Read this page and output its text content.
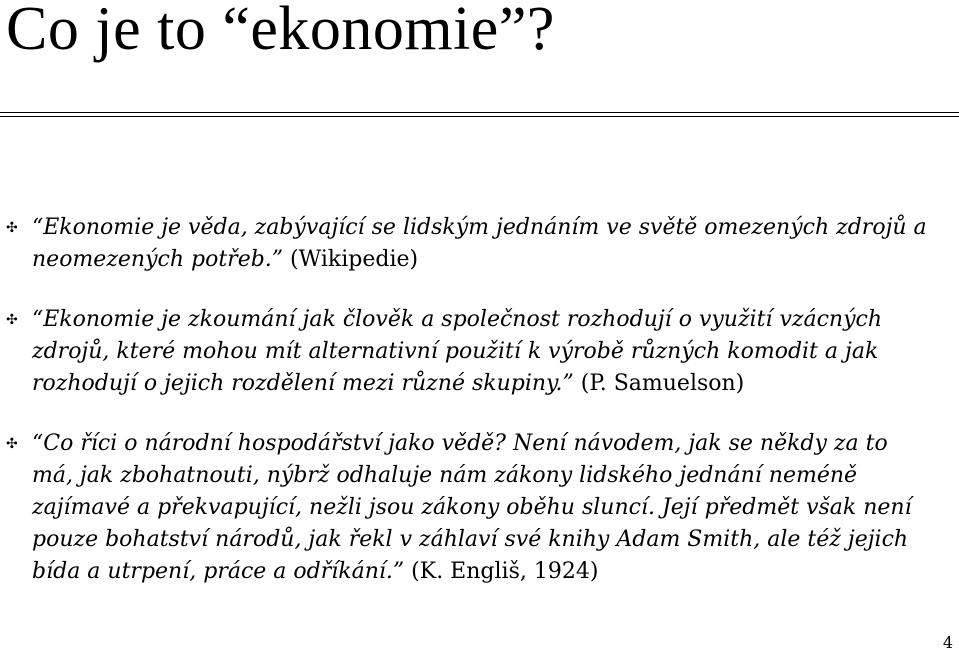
Co je to “ekonomie”?
✣ “Ekonomie je věda, zabývající se lidským jednáním ve světě omezených zdrojů a neomezených potřeb.” (Wikipedie)
✣ “Ekonomie je zkoumání jak člověk a společnost rozhodují o využití vzácných zdrojů, které mohou mít alternativní použití k výrobě různých komodit a jak rozhodují o jejich rozdělení mezi různé skupiny.” (P. Samuelson)
✣ “Co říci o národní hospodářství jako vědě? Není návodem, jak se někdy za to má, jak zbohatnouti, nýbrž odhaluje nám zákony lidského jednání neméně zajímavé a překvapující, nežli jsou zákony oběhu sluncí. Její předmět však není pouze bohatství národů, jak řekl v záhlaví své knihy Adam Smith, ale též jejich bída a utrpení, práce a odříkání.” (K. Engliš, 1924)
4
